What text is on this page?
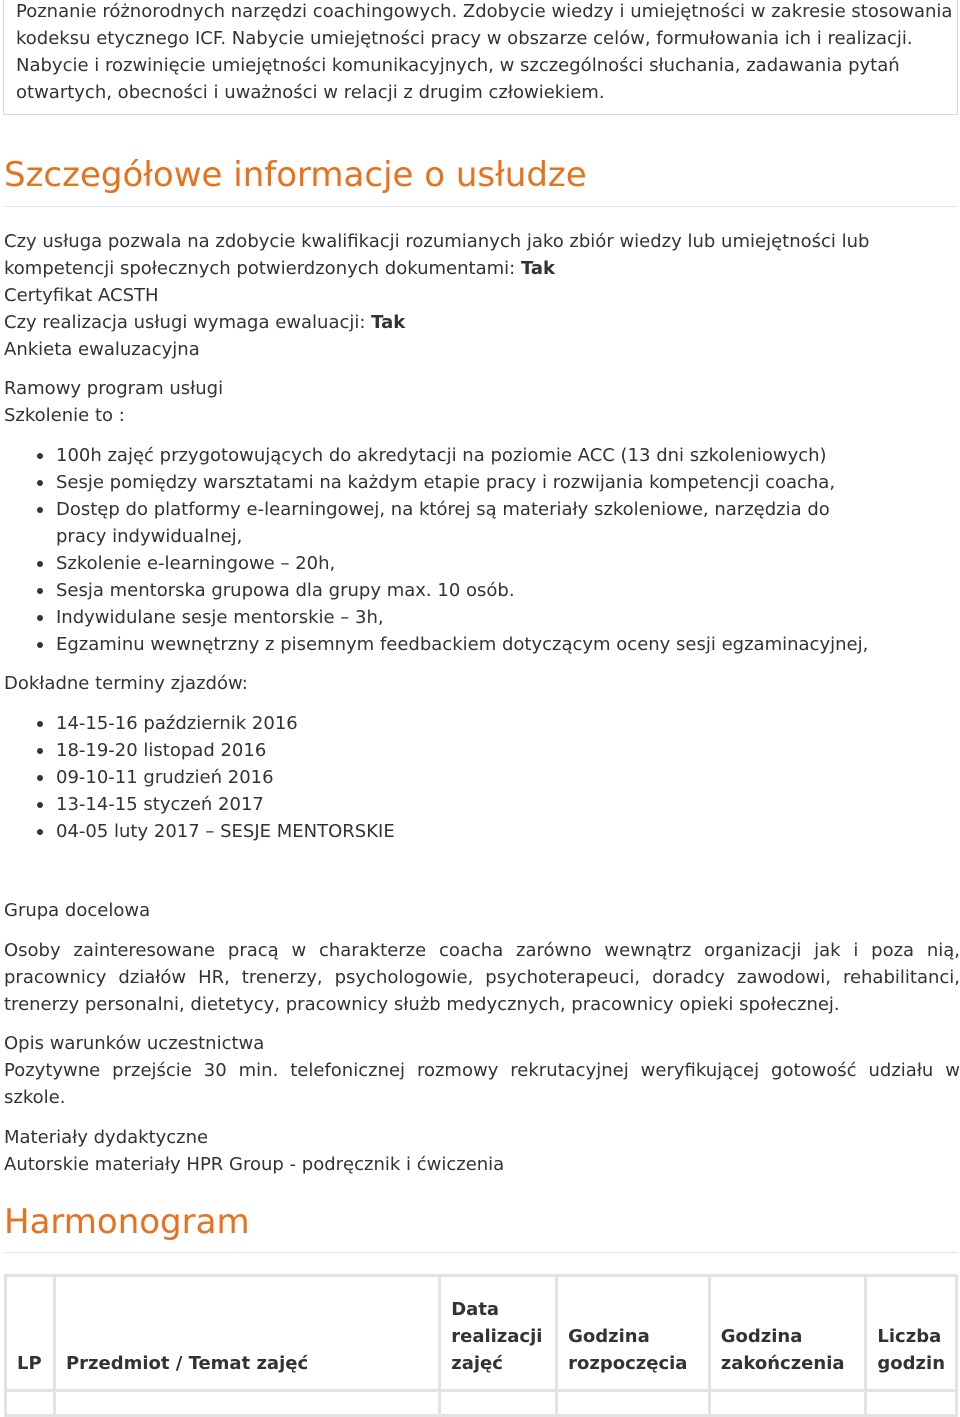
Poznanie różnorodnych narzędzi coachingowych. Zdobycie wiedzy i umiejętności w zakresie stosowania kodeksu etycznego ICF. Nabycie umiejętności pracy w obszarze celów, formułowania ich i realizacji. Nabycie i rozwinięcie umiejętności komunikacyjnych, w szczególności słuchania, zadawania pytań otwartych, obecności i uważności w relacji z drugim człowiekiem.

Szczegółowe informacje o usłudze

Czy usługa pozwala na zdobycie kwalifikacji rozumianych jako zbiór wiedzy lub umiejętności lub kompetencji społecznych potwierdzonych dokumentami: Tak

Certyfikat ACSTH

Czy realizacja usługi wymaga ewaluacji: Tak

Ankieta ewaluzacyjna

Ramowy program usługi

Szkolenie to :

100h zajęć przygotowujących do akredytacji na poziomie ACC (13 dni szkoleniowych)
Sesje pomiędzy warsztatami na każdym etapie pracy i rozwijania kompetencji coacha,
Dostęp do platformy e-learningowej, na której są materiały szkoleniowe, narzędzia do pracy indywidualnej,
Szkolenie e-learningowe – 20h,
Sesja mentorska grupowa dla grupy max. 10 osób.
Indywidulane sesje mentorskie – 3h,
Egzaminu wewnętrzny z pisemnym feedbackiem dotyczącym oceny sesji egzaminacyjnej,

Dokładne terminy zjazdów:

14-15-16 październik 2016
18-19-20 listopad 2016
09-10-11 grudzień 2016
13-14-15 styczeń 2017
04-05 luty 2017 – SESJE MENTORSKIE

Grupa docelowa

Osoby zainteresowane pracą w charakterze coacha zarówno wewnątrz organizacji jak i poza nią, pracownicy działów HR, trenerzy, psychologowie, psychoterapeuci, doradcy zawodowi, rehabilitanci, trenerzy personalni, dietetycy, pracownicy służb medycznych, pracownicy opieki społecznej.

Opis warunków uczestnictwa

Pozytywne przejście 30 min. telefonicznej rozmowy rekrutacyjnej weryfikującej gotowość udziału w szkole.

Materiały dydaktyczne

Autorskie materiały HPR Group - podręcznik i ćwiczenia

Harmonogram
LP	Przedmiot / Temat zajęć	Data realizacji zajęć	Godzina rozpoczęcia	Godzina zakończenia	Liczba godzin
